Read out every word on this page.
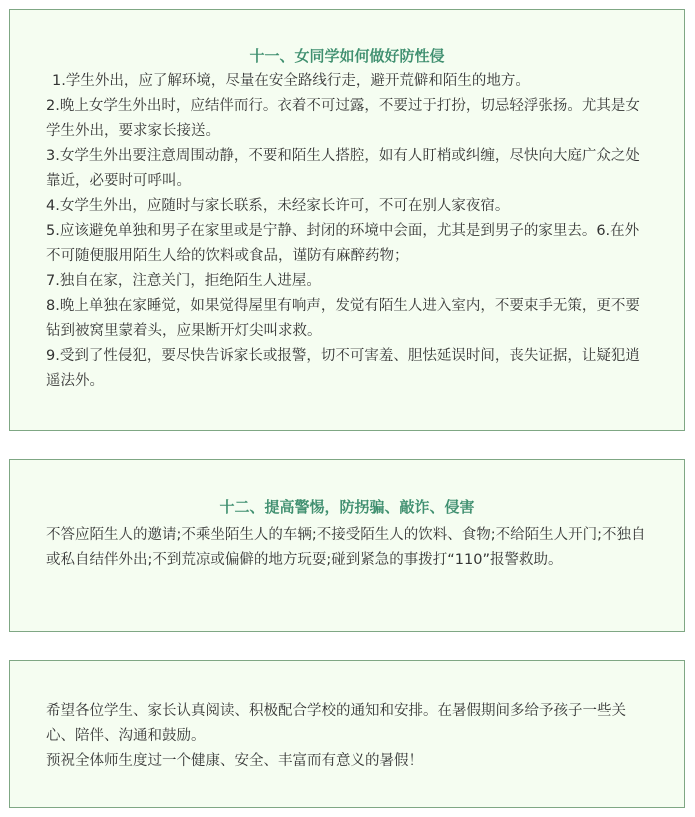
十一、女同学如何做好防性侵

1.学生外出，应了解环境，尽量在安全路线行走，避开荒僻和陌生的地方。

2.晚上女学生外出时，应结伴而行。衣着不可过露，不要过于打扮，切忌轻浮张扬。尤其是女学生外出，要求家长接送。

3.女学生外出要注意周围动静，不要和陌生人搭腔，如有人盯梢或纠缠，尽快向大庭广众之处靠近，必要时可呼叫。

4.女学生外出，应随时与家长联系，未经家长许可，不可在别人家夜宿。

5.应该避免单独和男子在家里或是宁静、封闭的环境中会面，尤其是到男子的家里去。6.在外不可随便服用陌生人给的饮料或食品，谨防有麻醉药物；

7.独自在家，注意关门，拒绝陌生人进屋。

8.晚上单独在家睡觉，如果觉得屋里有响声，发觉有陌生人进入室内，不要束手无策，更不要钻到被窝里蒙着头，应果断开灯尖叫求救。

9.受到了性侵犯，要尽快告诉家长或报警，切不可害羞、胆怯延误时间，丧失证据，让疑犯逍遥法外。

十二、提高警惕，防拐骗、敲诈、侵害

不答应陌生人的邀请;不乘坐陌生人的车辆;不接受陌生人的饮料、食物;不给陌生人开门;不独自或私自结伴外出;不到荒凉或偏僻的地方玩耍;碰到紧急的事拨打“110”报警救助。

希望各位学生、家长认真阅读、积极配合学校的通知和安排。在暑假期间多给予孩子一些关心、陪伴、沟通和鼓励。

预祝全体师生度过一个健康、安全、丰富而有意义的暑假！
